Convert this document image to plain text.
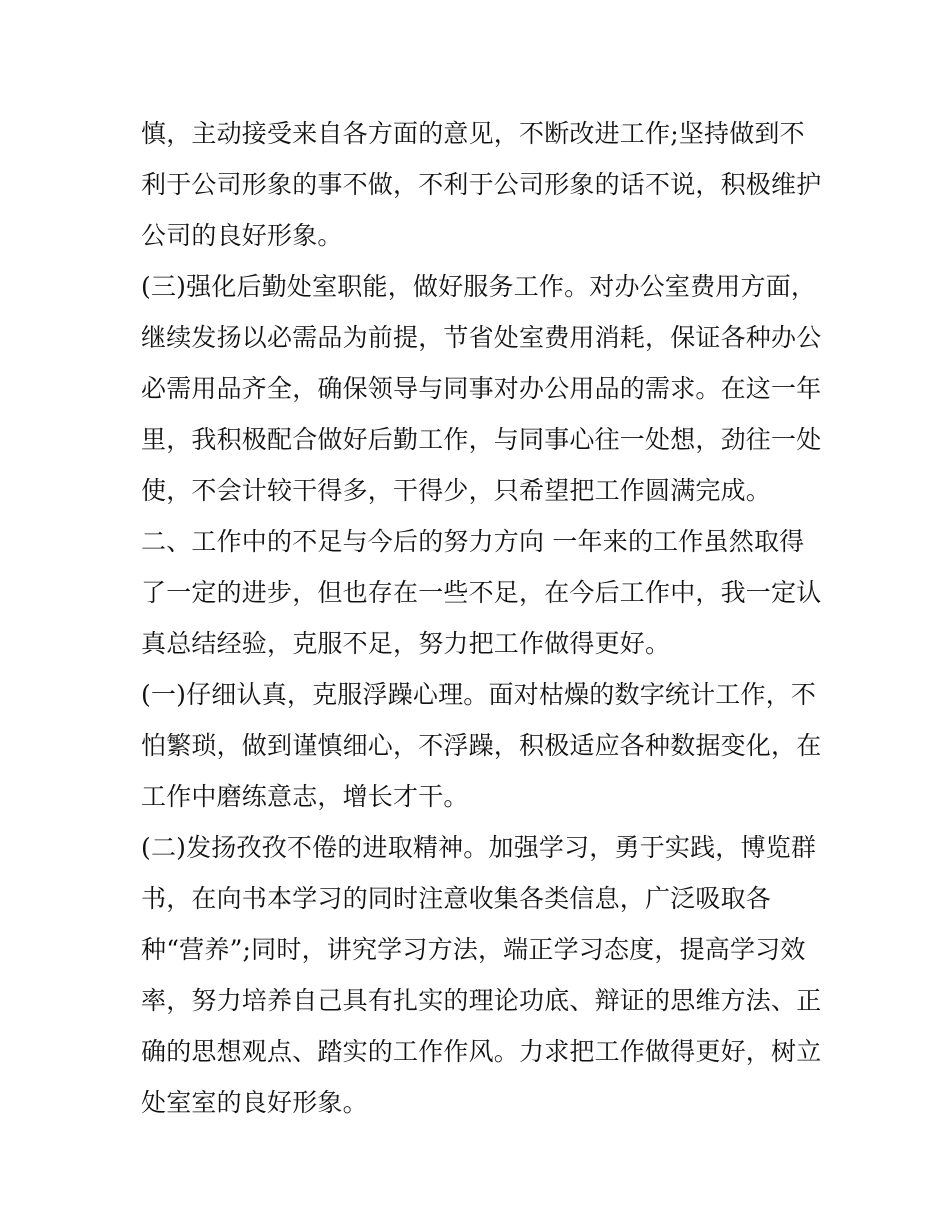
慎，主动接受来自各方面的意见，不断改进工作;坚持做到不
利于公司形象的事不做，不利于公司形象的话不说，积极维护
公司的良好形象。
(三)强化后勤处室职能，做好服务工作。对办公室费用方面，
继续发扬以必需品为前提，节省处室费用消耗，保证各种办公
必需用品齐全，确保领导与同事对办公用品的需求。在这一年
里，我积极配合做好后勤工作，与同事心往一处想，劲往一处
使，不会计较干得多，干得少，只希望把工作圆满完成。
二、工作中的不足与今后的努力方向 一年来的工作虽然取得
了一定的进步，但也存在一些不足，在今后工作中，我一定认
真总结经验，克服不足，努力把工作做得更好。
(一)仔细认真，克服浮躁心理。面对枯燥的数字统计工作，不
怕繁琐，做到谨慎细心，不浮躁，积极适应各种数据变化，在
工作中磨练意志，增长才干。
(二)发扬孜孜不倦的进取精神。加强学习，勇于实践，博览群
书，在向书本学习的同时注意收集各类信息，广泛吸取各
种“营养”;同时，讲究学习方法，端正学习态度，提高学习效
率，努力培养自己具有扎实的理论功底、辩证的思维方法、正
确的思想观点、踏实的工作作风。力求把工作做得更好，树立
处室室的良好形象。
